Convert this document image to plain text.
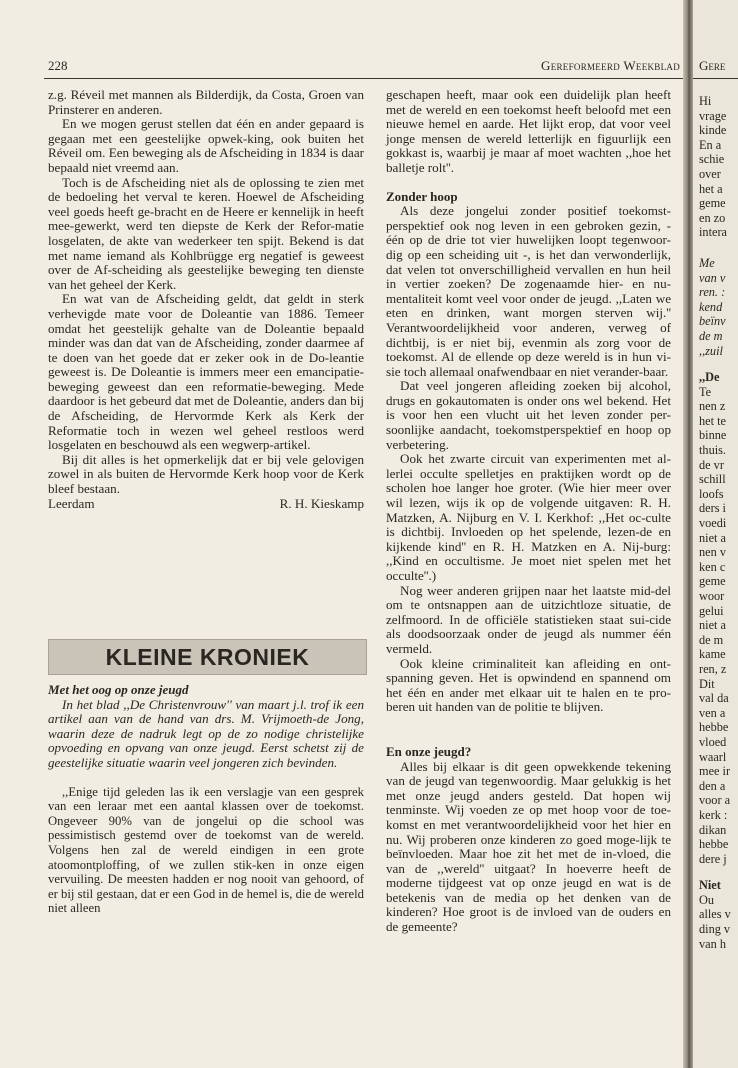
228	Gereformeerd Weekblad

z.g. Réveil met mannen als Bilderdijk, da Costa, Groen van Prinsterer en anderen.

En we mogen gerust stellen dat één en ander gepaard is gegaan met een geestelijke opwek-king, ook buiten het Réveil om. Een beweging als de Afscheiding in 1834 is daar bepaald niet vreemd aan.

Toch is de Afscheiding niet als de oplossing te zien met de bedoeling het verval te keren. Hoewel de Afscheiding veel goeds heeft ge-bracht en de Heere er kennelijk in heeft mee-gewerkt, werd ten diepste de Kerk der Refor-matie losgelaten, de akte van wederkeer ten spijt. Bekend is dat met name iemand als Kohlbrügge erg negatief is geweest over de Af-scheiding als geestelijke beweging ten dienste van het geheel der Kerk.

En wat van de Afscheiding geldt, dat geldt in sterk verhevigde mate voor de Doleantie van 1886. Temeer omdat het geestelijk gehalte van de Doleantie bepaald minder was dan dat van de Afscheiding, zonder daarmee af te doen van het goede dat er zeker ook in de Do-leantie geweest is. De Doleantie is immers meer een emancipatie-beweging geweest dan een reformatie-beweging. Mede daardoor is het gebeurd dat met de Doleantie, anders dan bij de Afscheiding, de Hervormde Kerk als Kerk der Reformatie toch in wezen wel geheel restloos werd losgelaten en beschouwd als een wegwerp-artikel.

Bij dit alles is het opmerkelijk dat er bij vele gelovigen zowel in als buiten de Hervormde Kerk hoop voor de Kerk bleef bestaan.

Leerdam	R. H. Kieskamp
KLEINE KRONIEK

Met het oog op onze jeugd

In het blad ,,De Christenvrouw'' van maart j.l. trof ik een artikel aan van de hand van drs. M. Vrijmoeth-de Jong, waarin deze de nadruk legt op de zo nodige christelijke opvoeding en opvang van onze jeugd. Eerst schetst zij de geestelijke situatie waarin veel jongeren zich bevinden.

,,Enige tijd geleden las ik een verslagje van een gesprek van een leraar met een aantal klassen over de toekomst. Ongeveer 90% van de jongelui op die school was pessimistisch gestemd over de toekomst van de wereld. Volgens hen zal de wereld eindigen in een grote atoomontploffing, of we zullen stik-ken in onze eigen vervuiling. De meesten hadden er nog nooit van gehoord, of er bij stil gestaan, dat er een God in de hemel is, die de wereld niet alleen

geschapen heeft, maar ook een duidelijk plan heeft met de wereld en een toekomst heeft beloofd met een nieuwe hemel en aarde. Het lijkt erop, dat voor veel jonge mensen de wereld letterlijk en figuurlijk een gokkast is, waarbij je maar af moet wachten ,,hoe het balletje rolt''.

Zonder hoop

Als deze jongelui zonder positief toekomst-perspektief ook nog leven in een gebroken gezin, - één op de drie tot vier huwelijken loopt tegenwoor-dig op een scheiding uit -, is het dan verwonderlijk, dat velen tot onverschilligheid vervallen en hun heil in vertier zoeken? De zogenaamde hier- en nu-mentaliteit komt veel voor onder de jeugd. ,,Laten we eten en drinken, want morgen sterven wij.'' Verantwoordelijkheid voor anderen, verweg of dichtbij, is er niet bij, evenmin als zorg voor de toekomst. Al de ellende op deze wereld is in hun vi-sie toch allemaal onafwendbaar en niet verander-baar.

Dat veel jongeren afleiding zoeken bij alcohol, drugs en gokautomaten is onder ons wel bekend. Het is voor hen een vlucht uit het leven zonder per-soonlijke aandacht, toekomstperspektief en hoop op verbetering.

Ook het zwarte circuit van experimenten met al-lerlei occulte spelletjes en praktijken wordt op de scholen hoe langer hoe groter. (Wie hier meer over wil lezen, wijs ik op de volgende uitgaven: R. H. Matzken, A. Nijburg en V. I. Kerkhof: ,,Het oc-culte is dichtbij. Invloeden op het spelende, lezen-de en kijkende kind'' en R. H. Matzken en A. Nij-burg: ,,Kind en occultisme. Je moet niet spelen met het occulte''.)

Nog weer anderen grijpen naar het laatste mid-del om te ontsnappen aan de uitzichtloze situatie, de zelfmoord. In de officiële statistieken staat sui-cide als doodsoorzaak onder de jeugd als nummer één vermeld.

Ook kleine criminaliteit kan afleiding en ont-spanning geven. Het is opwindend en spannend om het één en ander met elkaar uit te halen en te pro-beren uit handen van de politie te blijven.

En onze jeugd?

Alles bij elkaar is dit geen opwekkende tekening van de jeugd van tegenwoordig. Maar gelukkig is het met onze jeugd anders gesteld. Dat hopen wij tenminste. Wij voeden ze op met hoop voor de toe-komst en met verantwoordelijkheid voor het hier en nu. Wij proberen onze kinderen zo goed moge-lijk te beïnvloeden. Maar hoe zit het met de in-vloed, die van de ,,wereld'' uitgaat? In hoeverre heeft de moderne tijdgeest vat op onze jeugd en wat is de betekenis van de media op het denken van de kinderen? Hoe groot is de invloed van de ouders en de gemeente?

Gere
Hi
vrage
kinde
En a
schie
over
het a
geme
en zo
intera
Me
van v
ren. :
kend
beïnv
de m
,,zuil
,,De
Te
nen z
het te
binne
thuis.
de vr
schill
loofs
ders i
voedi
niet a
nen v
ken c
geme
woor
gelui
niet a
de m
kame
ren, z
Dit
val da
ven a
hebbe
vloed
waarl
mee ir
den a
voor a
kerk :
dikan
hebbe
dere j
Niet
Ou
alles v
ding v
van h
